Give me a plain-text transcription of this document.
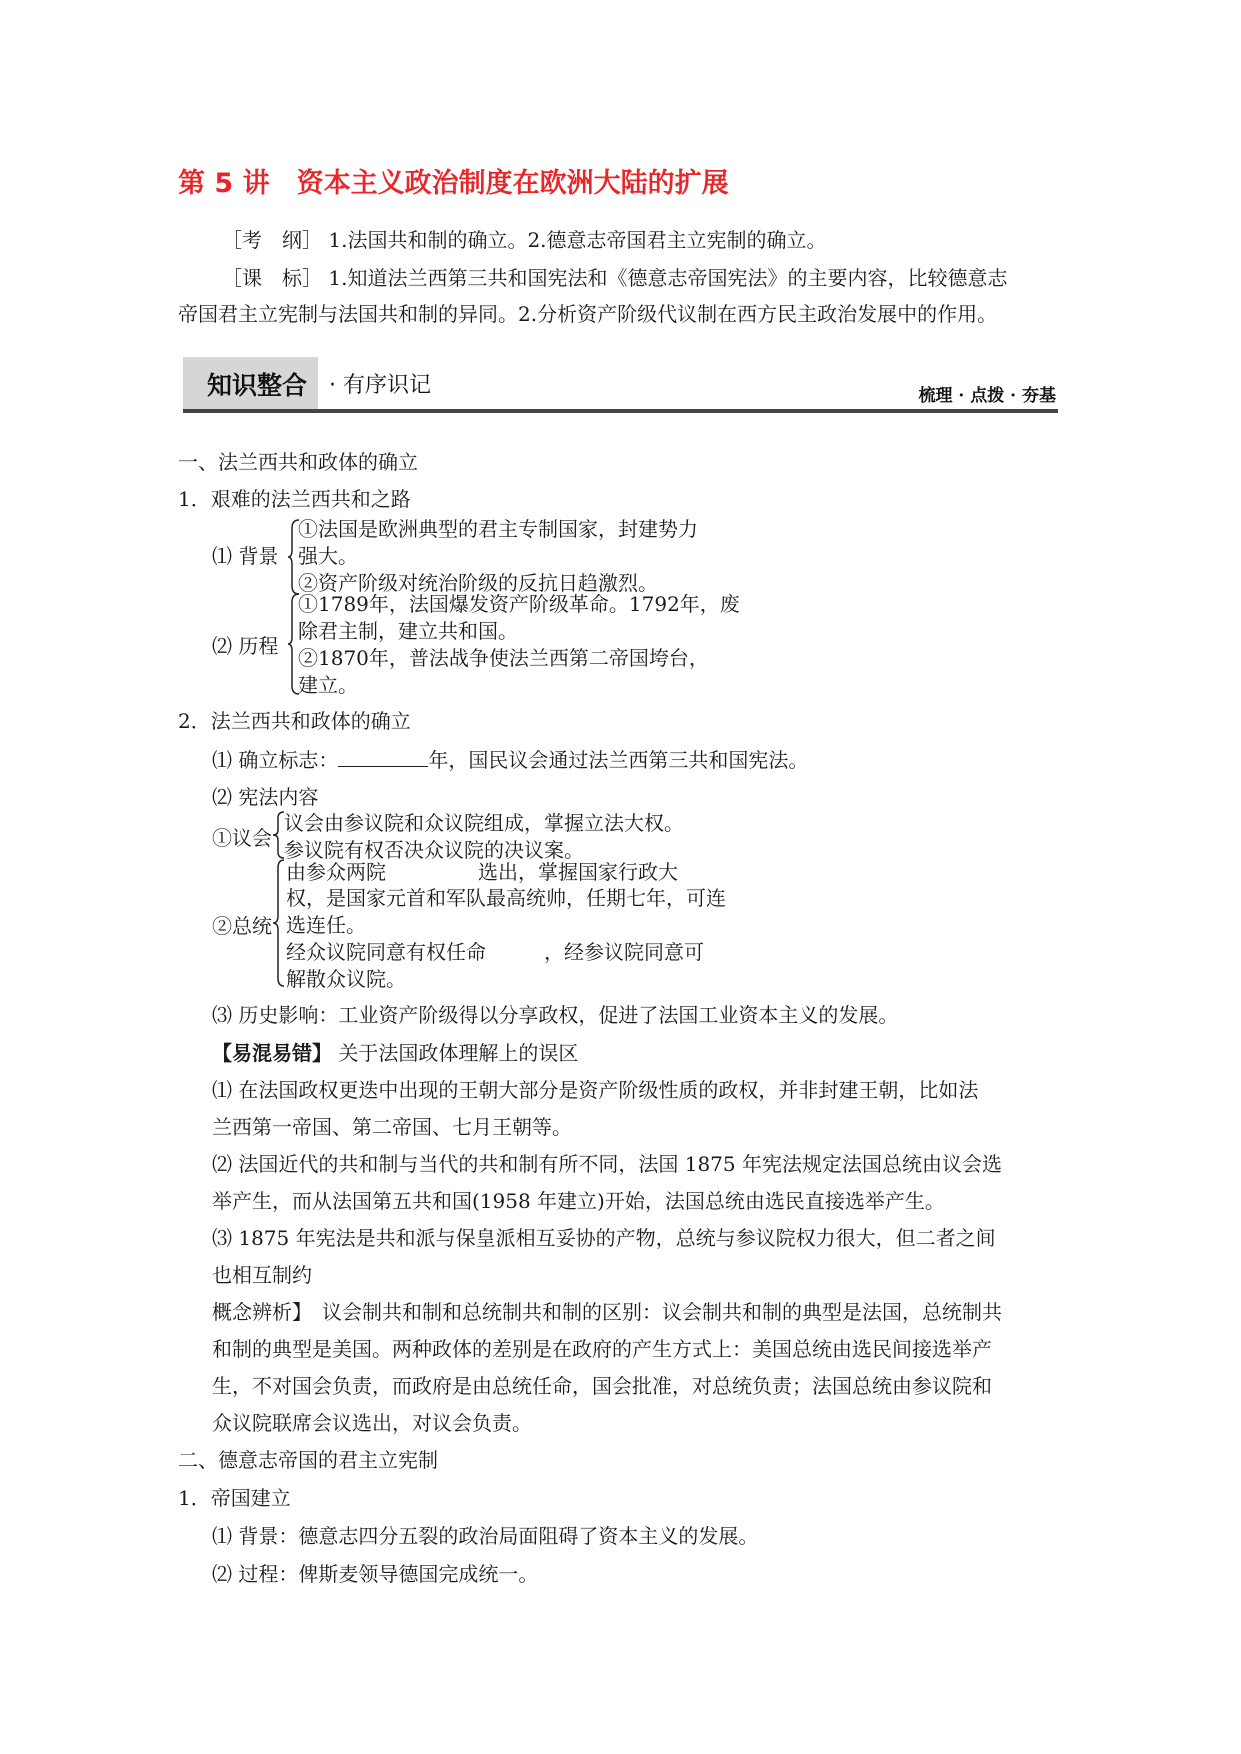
第 5 讲　资本主义政治制度在欧洲大陆的扩展
［考　纲］ 1.法国共和制的确立。2.德意志帝国君主立宪制的确立。
［课　标］ 1.知道法兰西第三共和国宪法和《德意志帝国宪法》的主要内容，比较德意志
帝国君主立宪制与法国共和制的异同。2.分析资产阶级代议制在西方民主政治发展中的作用。
知识整合 · 有序识记	梳理 · 点拨 · 夯基
一、法兰西共和政体的确立
1．艰难的法兰西共和之路
⑴ 背景
①法国是欧洲典型的君主专制国家，封建势力
强大。
②资产阶级对统治阶级的反抗日趋激烈。
⑵ 历程
①1789年，法国爆发资产阶级革命。1792年，废
除君主制，建立共和国。
②1870年，普法战争使法兰西第二帝国垮台，
建立。
2．法兰西共和政体的确立
⑴ 确立标志：	年，国民议会通过法兰西第三共和国宪法。
⑵ 宪法内容
①议会
议会由参议院和众议院组成，掌握立法大权。
参议院有权否决众议院的决议案。
②总统
由参众两院	选出，掌握国家行政大
权，是国家元首和军队最高统帅，任期七年，可连
选连任。
经众议院同意有权任命	，经参议院同意可
解散众议院。
⑶ 历史影响：工业资产阶级得以分享政权，促进了法国工业资本主义的发展。
【易混易错】 关于法国政体理解上的误区
⑴ 在法国政权更迭中出现的王朝大部分是资产阶级性质的政权，并非封建王朝，比如法
兰西第一帝国、第二帝国、七月王朝等。
⑵ 法国近代的共和制与当代的共和制有所不同，法国 1875 年宪法规定法国总统由议会选
举产生，而从法国第五共和国(1958 年建立)开始，法国总统由选民直接选举产生。
⑶ 1875 年宪法是共和派与保皇派相互妥协的产物，总统与参议院权力很大，但二者之间
也相互制约
概念辨析】　议会制共和制和总统制共和制的区别：议会制共和制的典型是法国，总统制共
和制的典型是美国。两种政体的差别是在政府的产生方式上：美国总统由选民间接选举产
生，不对国会负责，而政府是由总统任命，国会批准，对总统负责；法国总统由参议院和
众议院联席会议选出，对议会负责。
二、德意志帝国的君主立宪制
1．帝国建立
⑴ 背景：德意志四分五裂的政治局面阻碍了资本主义的发展。
⑵ 过程：俾斯麦领导德国完成统一。
